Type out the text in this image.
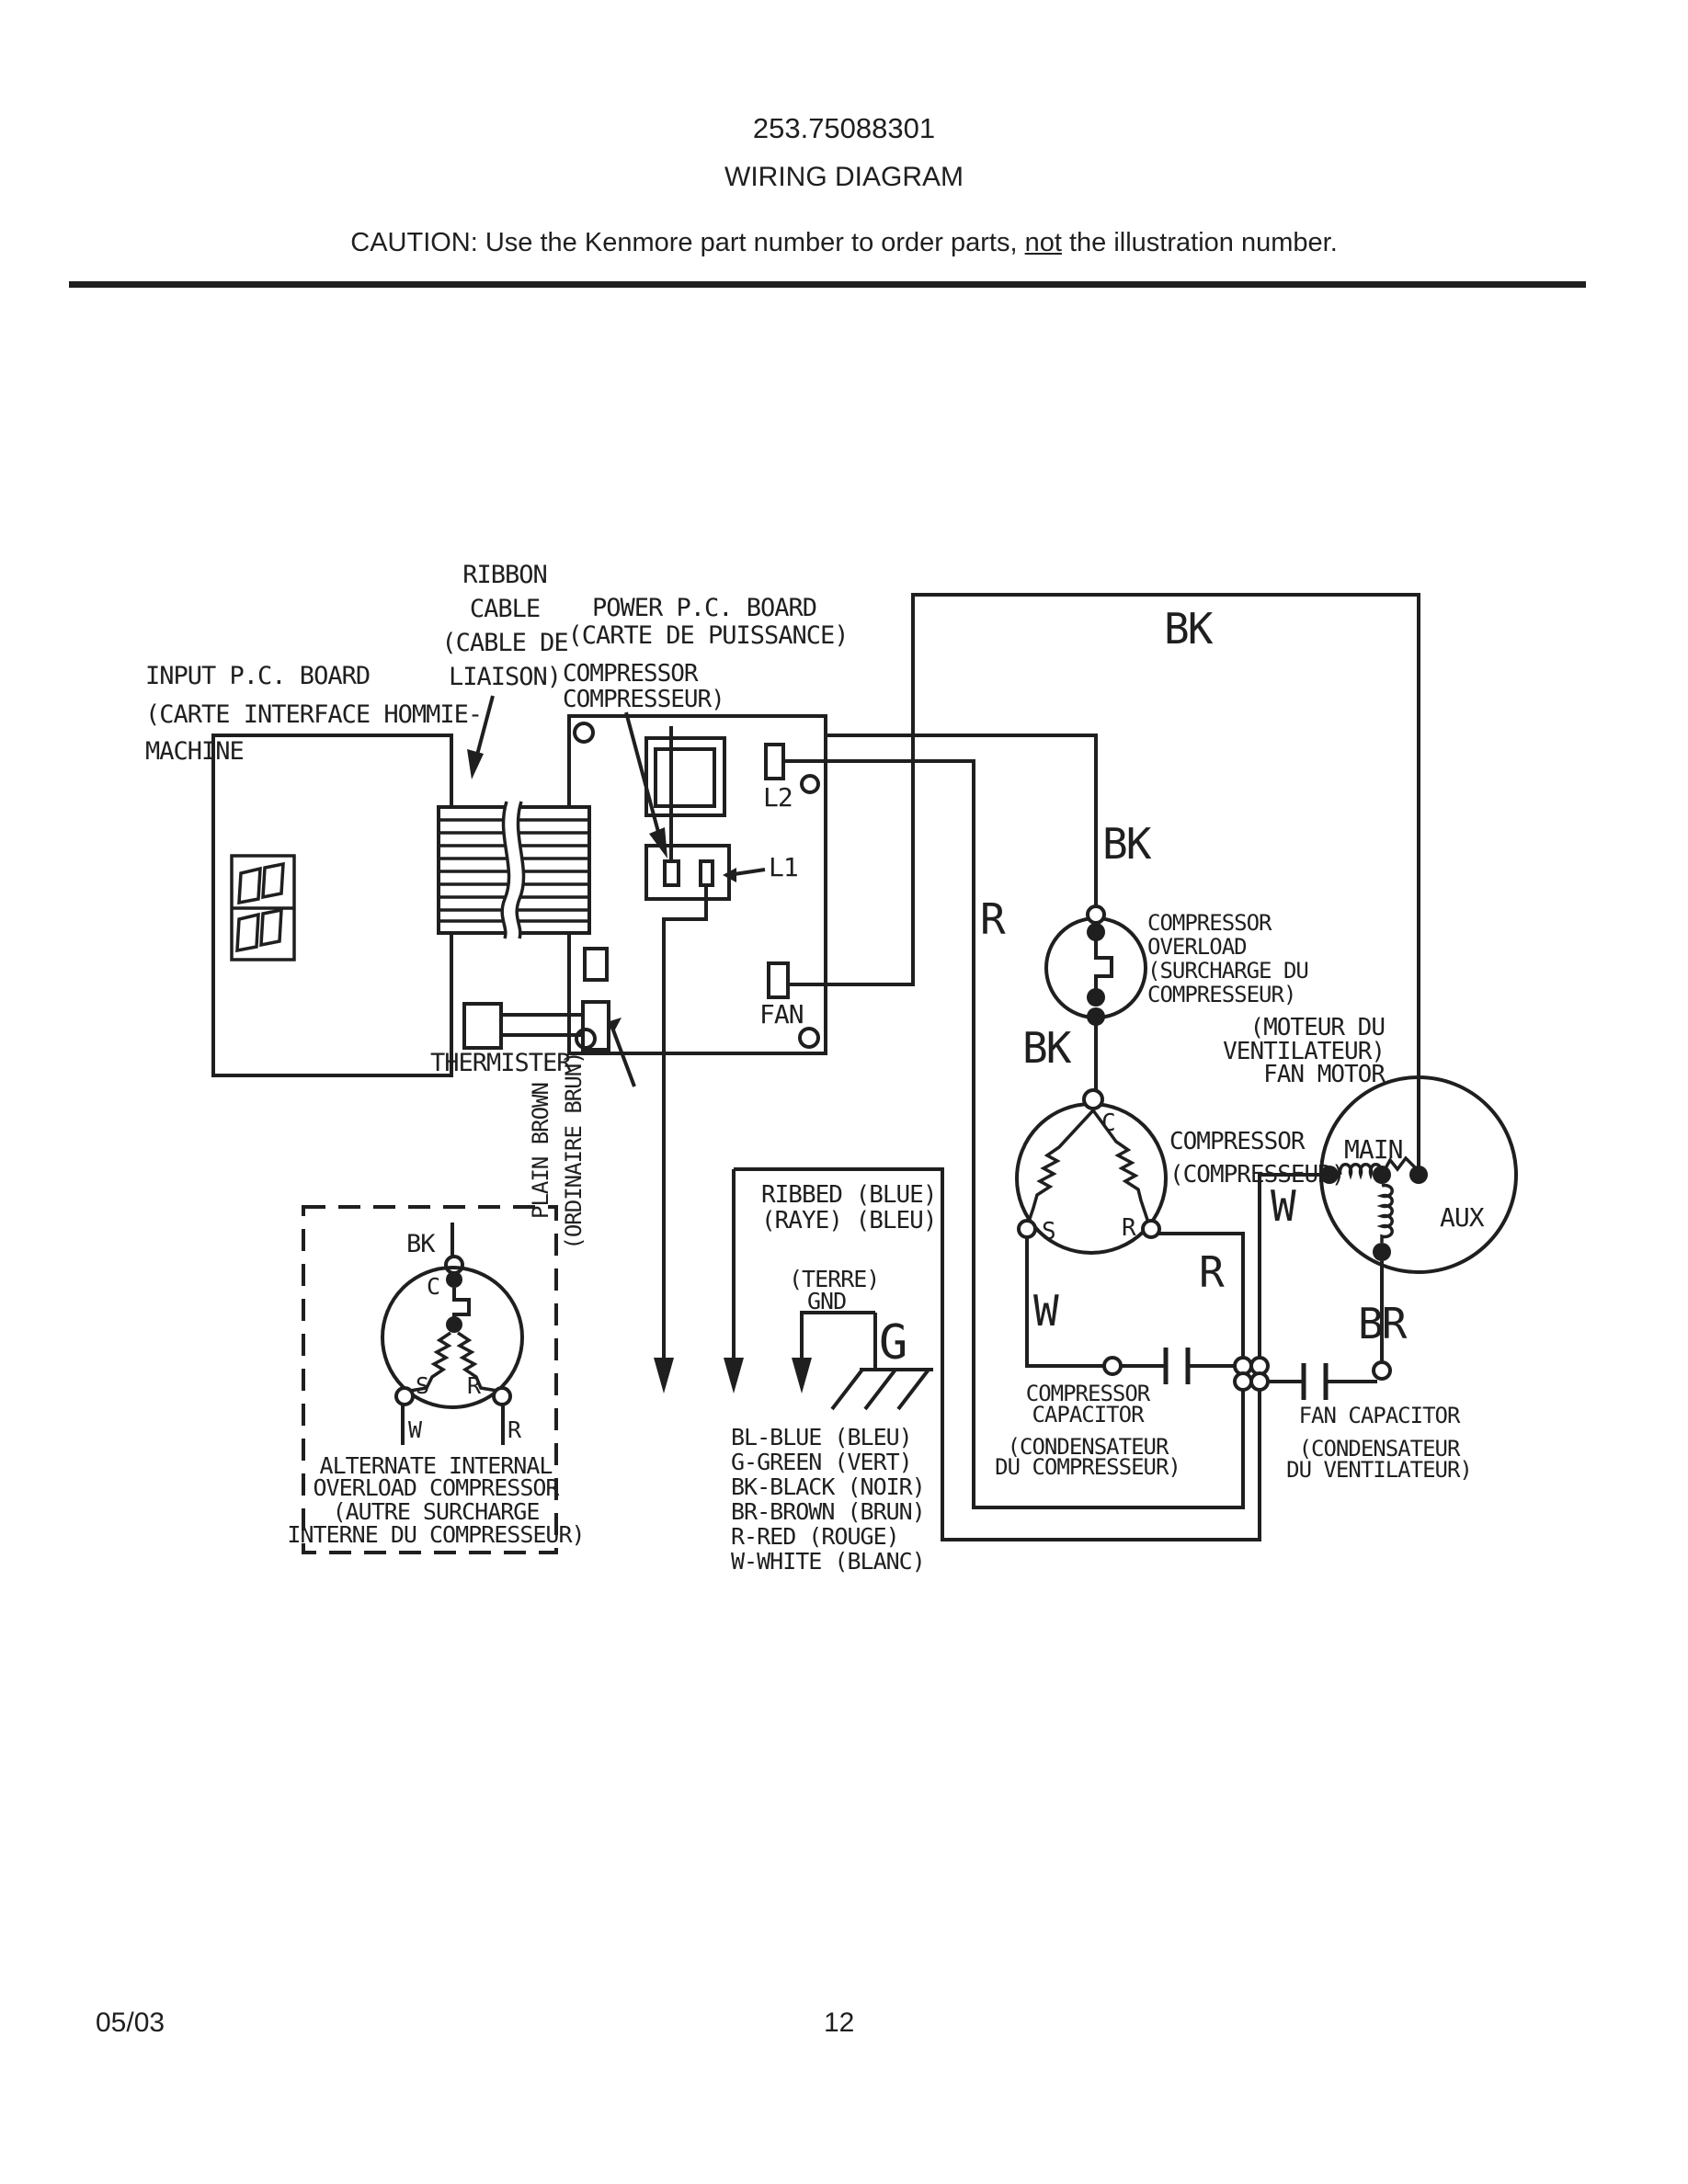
253.75088301
WIRING DIAGRAM
CAUTION: Use the Kenmore part number to order parts, not the illustration number.
INPUT P.C. BOARD
(CARTE INTERFACE HOMMIE-
MACHINE
RIBBON
CABLE
(CABLE DE
LIAISON)
POWER P.C. BOARD
(CARTE DE PUISSANCE)
COMPRESSOR
COMPRESSEUR)
L2
L1
FAN
THERMISTER
PLAIN BROWN (ORDINAIRE BRUN)
COMPRESSOR
OVERLOAD
(SURCHARGE DU
COMPRESSEUR)
COMPRESSOR
(COMPRESSEUR)
(MOTEUR DU
VENTILATEUR)
FAN MOTOR
MAIN
AUX
C
S	R
COMPRESSOR
CAPACITOR
(CONDENSATEUR
DU COMPRESSEUR)
FAN CAPACITOR
(CONDENSATEUR
DU VENTILATEUR)
RIBBED (BLUE)
(RAYE) (BLEU)
(TERRE)
GND
G
BK
C
S R
W	R
ALTERNATE INTERNAL
OVERLOAD COMPRESSOR
(AUTRE SURCHARGE
INTERNE DU COMPRESSEUR)
BL-BLUE (BLEU)
G-GREEN (VERT)
BK-BLACK (NOIR)
BR-BROWN (BRUN)
R-RED (ROUGE)
W-WHITE (BLANC)
BK
BK
BK
R
R
W
W
BR
05/03	12
